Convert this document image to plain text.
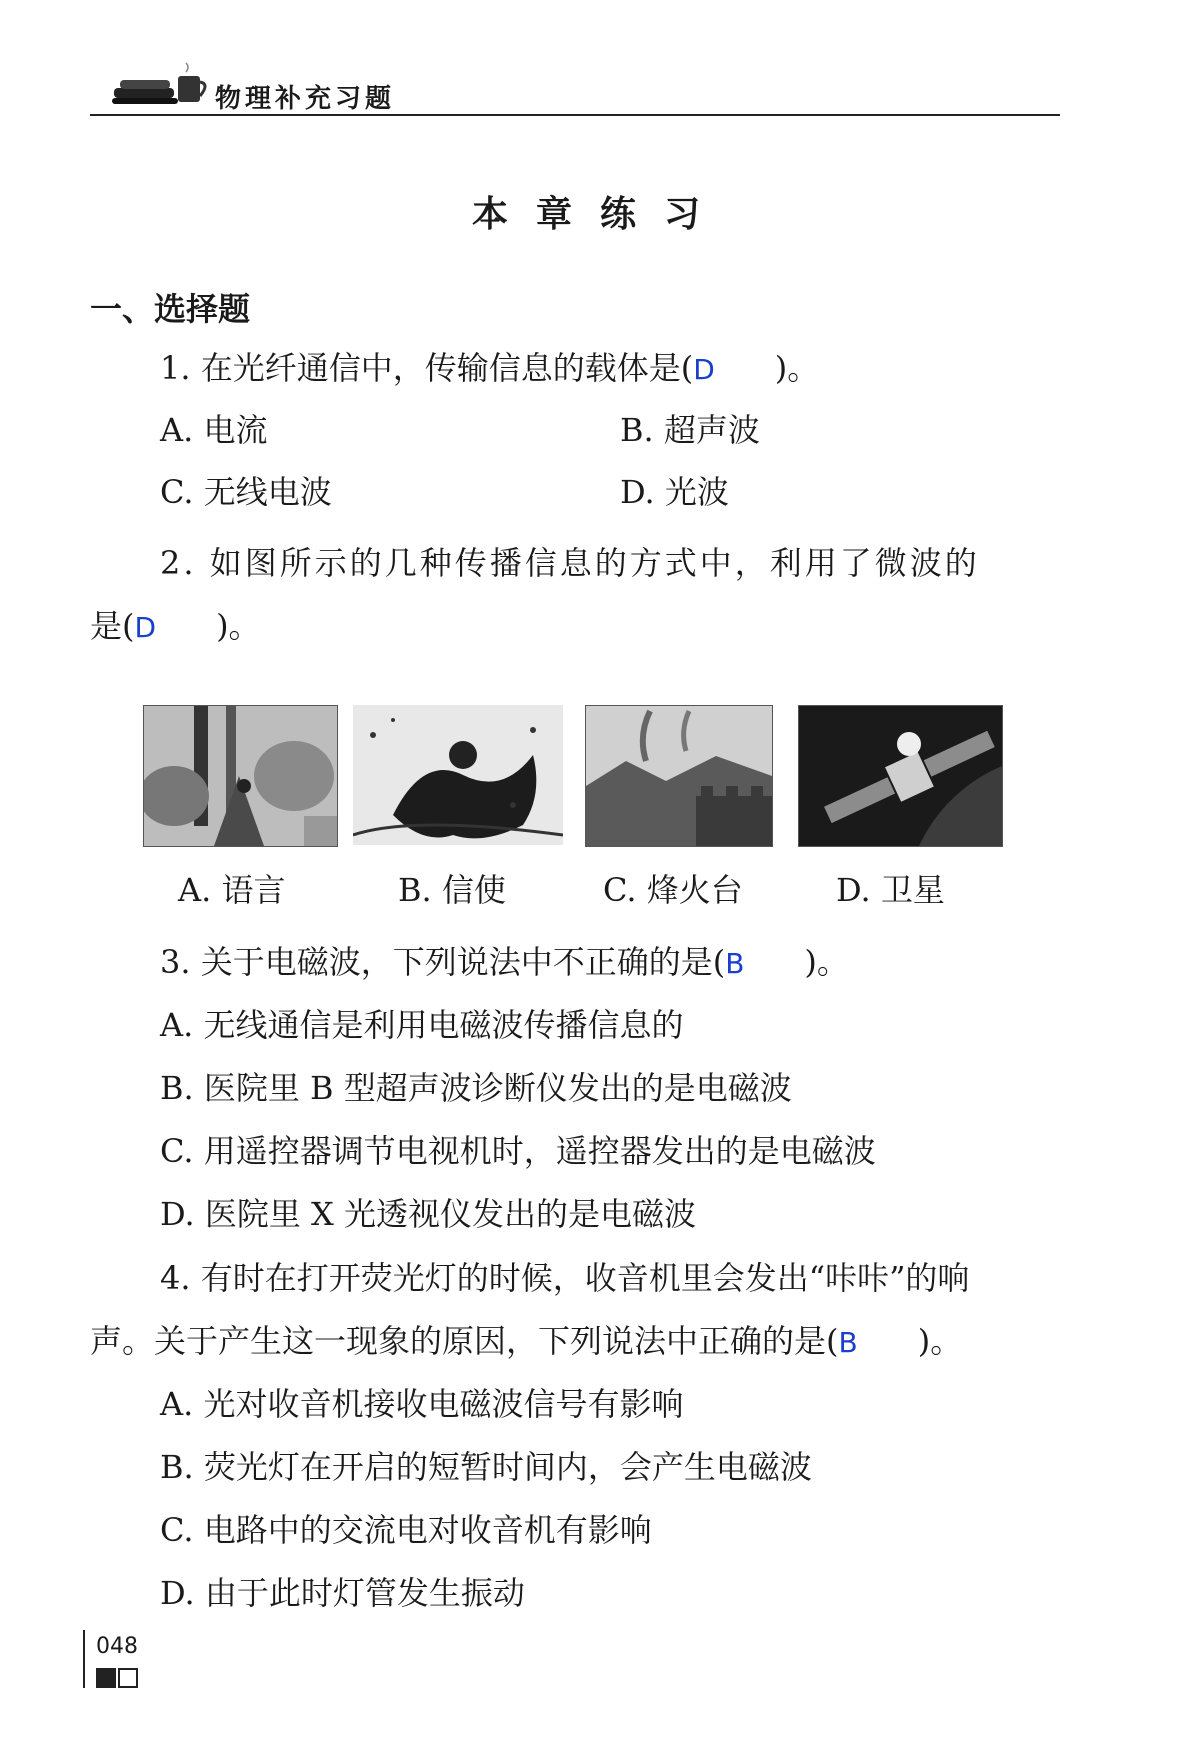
物理补充习题
本章练习
一、选择题
1. 在光纤通信中，传输信息的载体是(D )。
A. 电流	B. 超声波
C. 无线电波	D. 光波
2. 如图所示的几种传播信息的方式中，利用了微波的
是(D )。
A. 语言	B. 信使	C. 烽火台	D. 卫星
3. 关于电磁波，下列说法中不正确的是(B )。
A. 无线通信是利用电磁波传播信息的
B. 医院里 B 型超声波诊断仪发出的是电磁波
C. 用遥控器调节电视机时，遥控器发出的是电磁波
D. 医院里 X 光透视仪发出的是电磁波
4. 有时在打开荧光灯的时候，收音机里会发出“咔咔”的响
声。关于产生这一现象的原因，下列说法中正确的是(B )。
A. 光对收音机接收电磁波信号有影响
B. 荧光灯在开启的短暂时间内，会产生电磁波
C. 电路中的交流电对收音机有影响
D. 由于此时灯管发生振动
048
